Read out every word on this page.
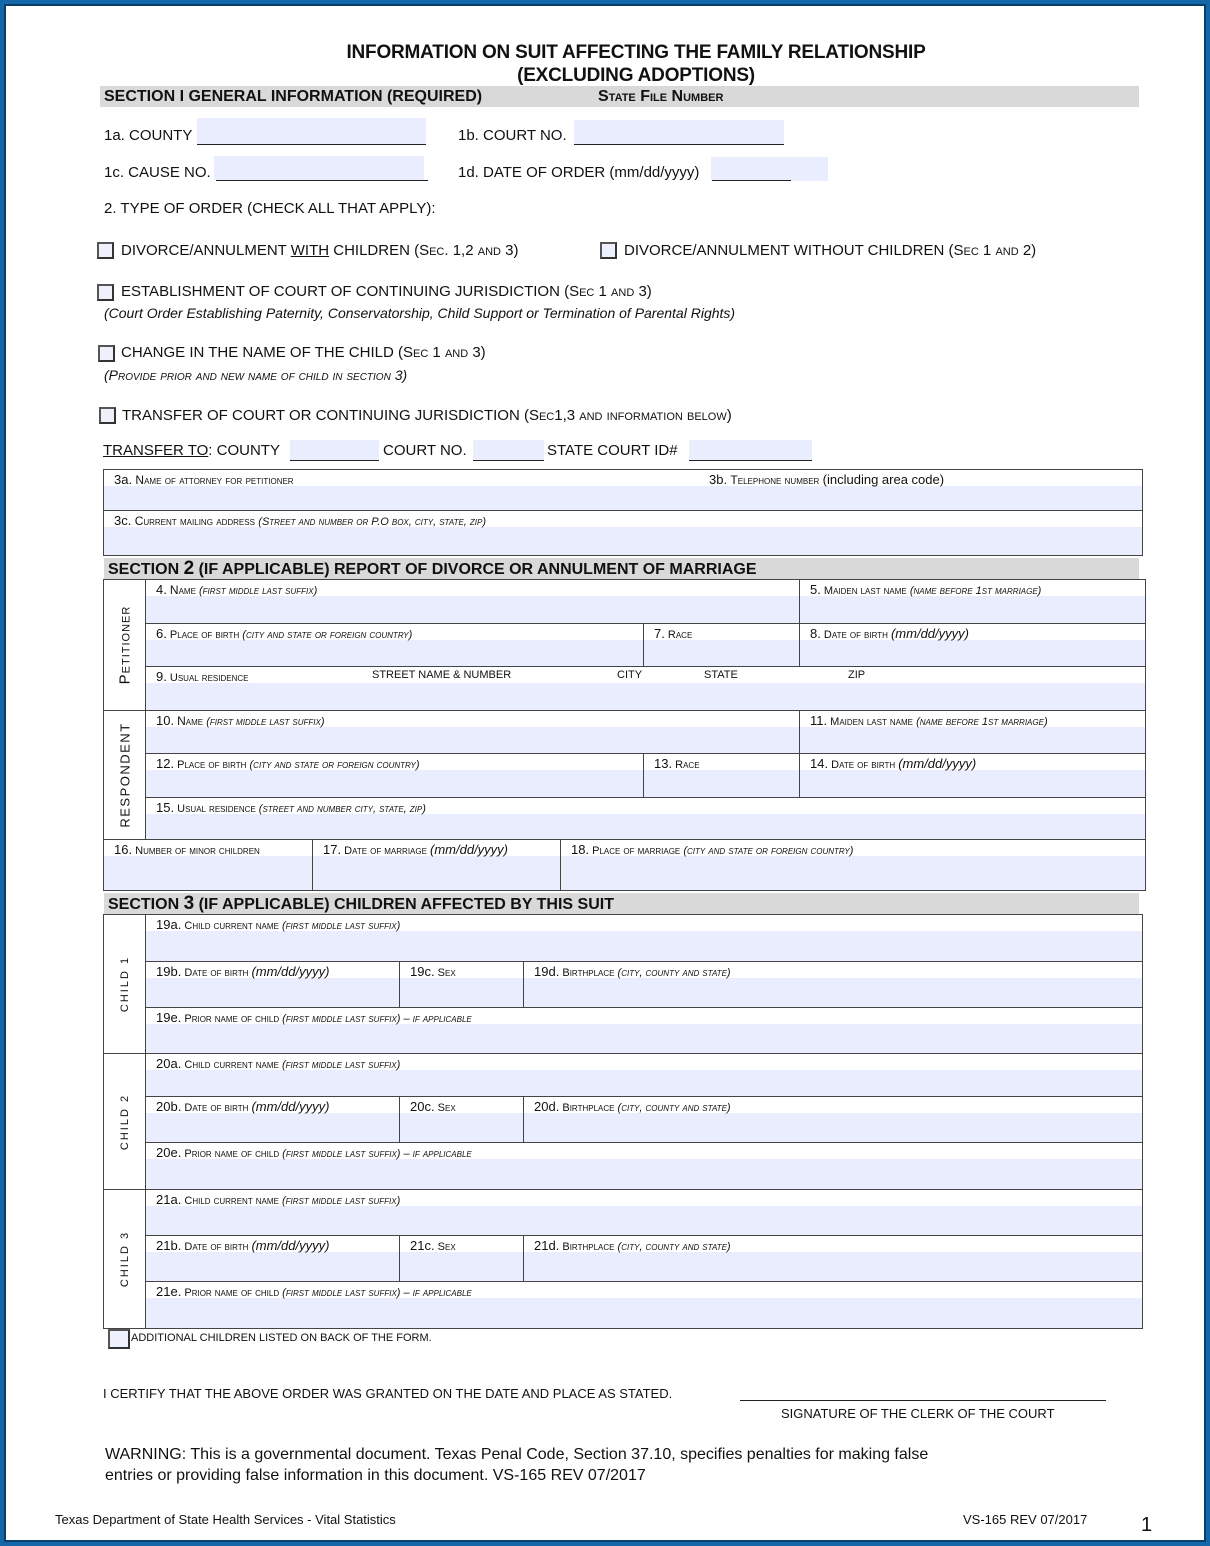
INFORMATION ON SUIT AFFECTING THE FAMILY RELATIONSHIP
(EXCLUDING ADOPTIONS)
SECTION I GENERAL INFORMATION (REQUIRED)	State File Number
1a. COUNTY	1b. COURT NO.
1c. CAUSE NO.	1d. DATE OF ORDER (mm/dd/yyyy)
2. TYPE OF ORDER (CHECK ALL THAT APPLY):
DIVORCE/ANNULMENT WITH CHILDREN (Sec. 1,2 and 3)	DIVORCE/ANNULMENT WITHOUT CHILDREN (Sec 1 and 2)
ESTABLISHMENT OF COURT OF CONTINUING JURISDICTION (Sec 1 and 3)
(Court Order Establishing Paternity, Conservatorship, Child Support or Termination of Parental Rights)
CHANGE IN THE NAME OF THE CHILD (Sec 1 and 3)
(Provide prior and new name of child in section 3)
TRANSFER OF COURT OR CONTINUING JURISDICTION (Sec1,3 and information below)
TRANSFER TO: COUNTY	COURT NO.	STATE COURT ID#
3a. Name of attorney for petitioner	3b. Telephone number (including area code)
3c. Current mailing address (Street and number or P.O box, city, state, zip)
SECTION 2 (IF APPLICABLE) REPORT OF DIVORCE OR ANNULMENT OF MARRIAGE
Petitioner
RESPONDENT
4. Name (first middle last suffix)	5. Maiden last name (name before 1st marriage)
6. Place of birth (city and state or foreign country)	7. Race	8. Date of birth (mm/dd/yyyy)
9. Usual residence	STREET NAME & NUMBER	CITY	STATE	ZIP
10. Name (first middle last suffix)	11. Maiden last name (name before 1st marriage)
12. Place of birth (city and state or foreign country)	13. Race	14. Date of birth (mm/dd/yyyy)
15. Usual residence (street and number city, state, zip)
16. Number of minor children	17. Date of marriage (mm/dd/yyyy)	18. Place of marriage (city and state or foreign country)
SECTION 3 (IF APPLICABLE) CHILDREN AFFECTED BY THIS SUIT
CHILD 1
19a. Child current name (first middle last suffix)
19b. Date of birth (mm/dd/yyyy)	19c. Sex	19d. Birthplace (city, county and state)
19e. Prior name of child (first middle last suffix) – if applicable
CHILD 2
20a. Child current name (first middle last suffix)
20b. Date of birth (mm/dd/yyyy)	20c. Sex	20d. Birthplace (city, county and state)
20e. Prior name of child (first middle last suffix) – if applicable
CHILD 3
21a. Child current name (first middle last suffix)
21b. Date of birth (mm/dd/yyyy)	21c. Sex	21d. Birthplace (city, county and state)
21e. Prior name of child (first middle last suffix) – if applicable
ADDITIONAL CHILDREN LISTED ON BACK OF THE FORM.
I CERTIFY THAT THE ABOVE ORDER WAS GRANTED ON THE DATE AND PLACE AS STATED.
SIGNATURE OF THE CLERK OF THE COURT
WARNING: This is a governmental document. Texas Penal Code, Section 37.10, specifies penalties for making false
entries or providing false information in this document. VS-165 REV 07/2017
Texas Department of State Health Services - Vital Statistics	VS-165 REV 07/2017	1
